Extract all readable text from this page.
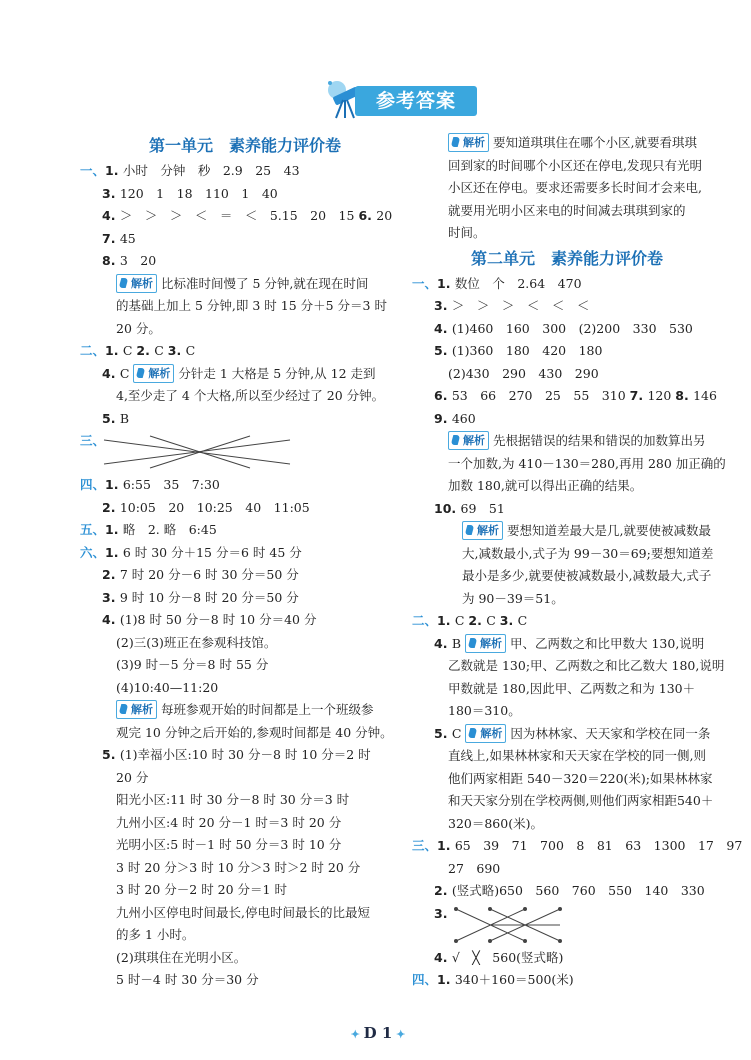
参考答案
第一单元　素养能力评价卷
一、1. 小时　分钟　秒　2.9　25　43
3. 120　1　18　110　1　40
4. ＞　＞　＞　＜　＝　＜　5.15　20　15 6. 20
7. 45
8. 3　20
解析 比标准时间慢了 5 分钟,就在现在时间
的基础上加上 5 分钟,即 3 时 15 分＋5 分＝3 时
20 分。
二、1. C 2. C 3. C
4. C 解析 分针走 1 大格是 5 分钟,从 12 走到
4,至少走了 4 个大格,所以至少经过了 20 分钟。
5. B
三、
四、1. 6:55　35　7:30
2. 10:05　20　10:25　40　11:05
五、1. 略　2. 略　6:45
六、1. 6 时 30 分＋15 分＝6 时 45 分
2. 7 时 20 分－6 时 30 分＝50 分
3. 9 时 10 分－8 时 20 分＝50 分
4. (1)8 时 50 分－8 时 10 分＝40 分
(2)三(3)班正在参观科技馆。
(3)9 时－5 分＝8 时 55 分
(4)10:40—11:20
解析 每班参观开始的时间都是上一个班级参
观完 10 分钟之后开始的,参观时间都是 40 分钟。
5. (1)幸福小区:10 时 30 分－8 时 10 分＝2 时
20 分
阳光小区:11 时 30 分－8 时 30 分＝3 时
九州小区:4 时 20 分－1 时＝3 时 20 分
光明小区:5 时－1 时 50 分＝3 时 10 分
3 时 20 分＞3 时 10 分＞3 时＞2 时 20 分
3 时 20 分－2 时 20 分＝1 时
九州小区停电时间最长,停电时间最长的比最短
的多 1 小时。
(2)琪琪住在光明小区。
5 时－4 时 30 分＝30 分
解析 要知道琪琪住在哪个小区,就要看琪琪
回到家的时间哪个小区还在停电,发现只有光明
小区还在停电。要求还需要多长时间才会来电,
就要用光明小区来电的时间减去琪琪到家的
时间。
第二单元　素养能力评价卷
一、1. 数位　个　2.64　470
3. ＞　＞　＞　＜　＜　＜
4. (1)460　160　300　(2)200　330　530
5. (1)360　180　420　180
(2)430　290　430　290
6. 53　66　270　25　55　310 7. 120 8. 146
9. 460
解析 先根据错误的结果和错误的加数算出另
一个加数,为 410－130＝280,再用 280 加正确的
加数 180,就可以得出正确的结果。
10. 69　51
解析 要想知道差最大是几,就要使被减数最
大,减数最小,式子为 99－30＝69;要想知道差
最小是多少,就要使被减数最小,减数最大,式子
为 90－39＝51。
二、1. C 2. C 3. C
4. B 解析 甲、乙两数之和比甲数大 130,说明
乙数就是 130;甲、乙两数之和比乙数大 180,说明
甲数就是 180,因此甲、乙两数之和为 130＋
180＝310。
5. C 解析 因为林林家、天天家和学校在同一条
直线上,如果林林家和天天家在学校的同一侧,则
他们两家相距 540－320＝220(米);如果林林家
和天天家分别在学校两侧,则他们两家相距540＋
320＝860(米)。
三、1. 65　39　71　700　8　81　63　1300　17　97
27　690
2. (竖式略)650　560　760　550　140　330
3.
4. √　╳　560(竖式略)
四、1. 340＋160＝500(米)
✦ D 1 ✦
